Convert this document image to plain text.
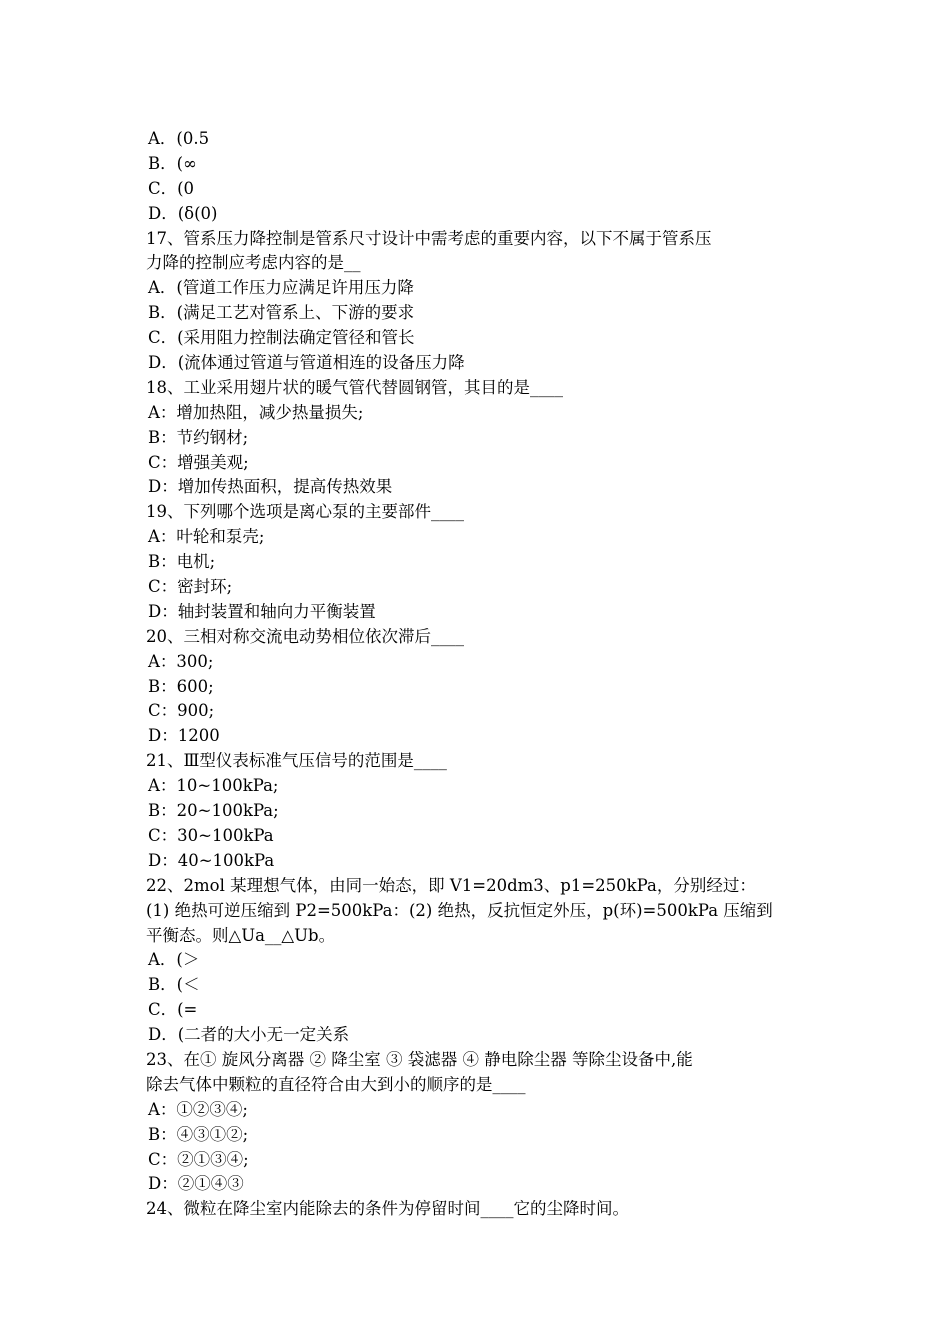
A．(0.5
B．(∞
C．(0
D．(δ(0)
17、管系压力降控制是管系尺寸设计中需考虑的重要内容，以下不属于管系压
力降的控制应考虑内容的是__
A．(管道工作压力应满足许用压力降
B．(满足工艺对管系上、下游的要求
C．(采用阻力控制法确定管径和管长
D．(流体通过管道与管道相连的设备压力降
18、工业采用翅片状的暖气管代替圆钢管，其目的是____
A：增加热阻，减少热量损失;
B：节约钢材;
C：增强美观;
D：增加传热面积，提高传热效果
19、下列哪个选项是离心泵的主要部件____
A：叶轮和泵壳;
B：电机;
C：密封环;
D：轴封装置和轴向力平衡装置
20、三相对称交流电动势相位依次滞后____
A：300;
B：600;
C：900;
D：1200
21、Ⅲ型仪表标准气压信号的范围是____
A：10~100kPa;
B：20~100kPa;
C：30~100kPa
D：40~100kPa
22、2mol 某理想气体，由同一始态，即 V1=20dm3、p1=250kPa，分别经过：
(1) 绝热可逆压缩到 P2=500kPa：(2) 绝热，反抗恒定外压，p(环)=500kPa 压缩到
平衡态。则△Ua__△Ub。
A．(＞
B．(＜
C．(=
D．(二者的大小无一定关系
23、在① 旋风分离器 ② 降尘室 ③ 袋滤器 ④ 静电除尘器 等除尘设备中,能
除去气体中颗粒的直径符合由大到小的顺序的是____
A：①②③④;
B：④③①②;
C：②①③④;
D：②①④③
24、微粒在降尘室内能除去的条件为停留时间____它的尘降时间。
